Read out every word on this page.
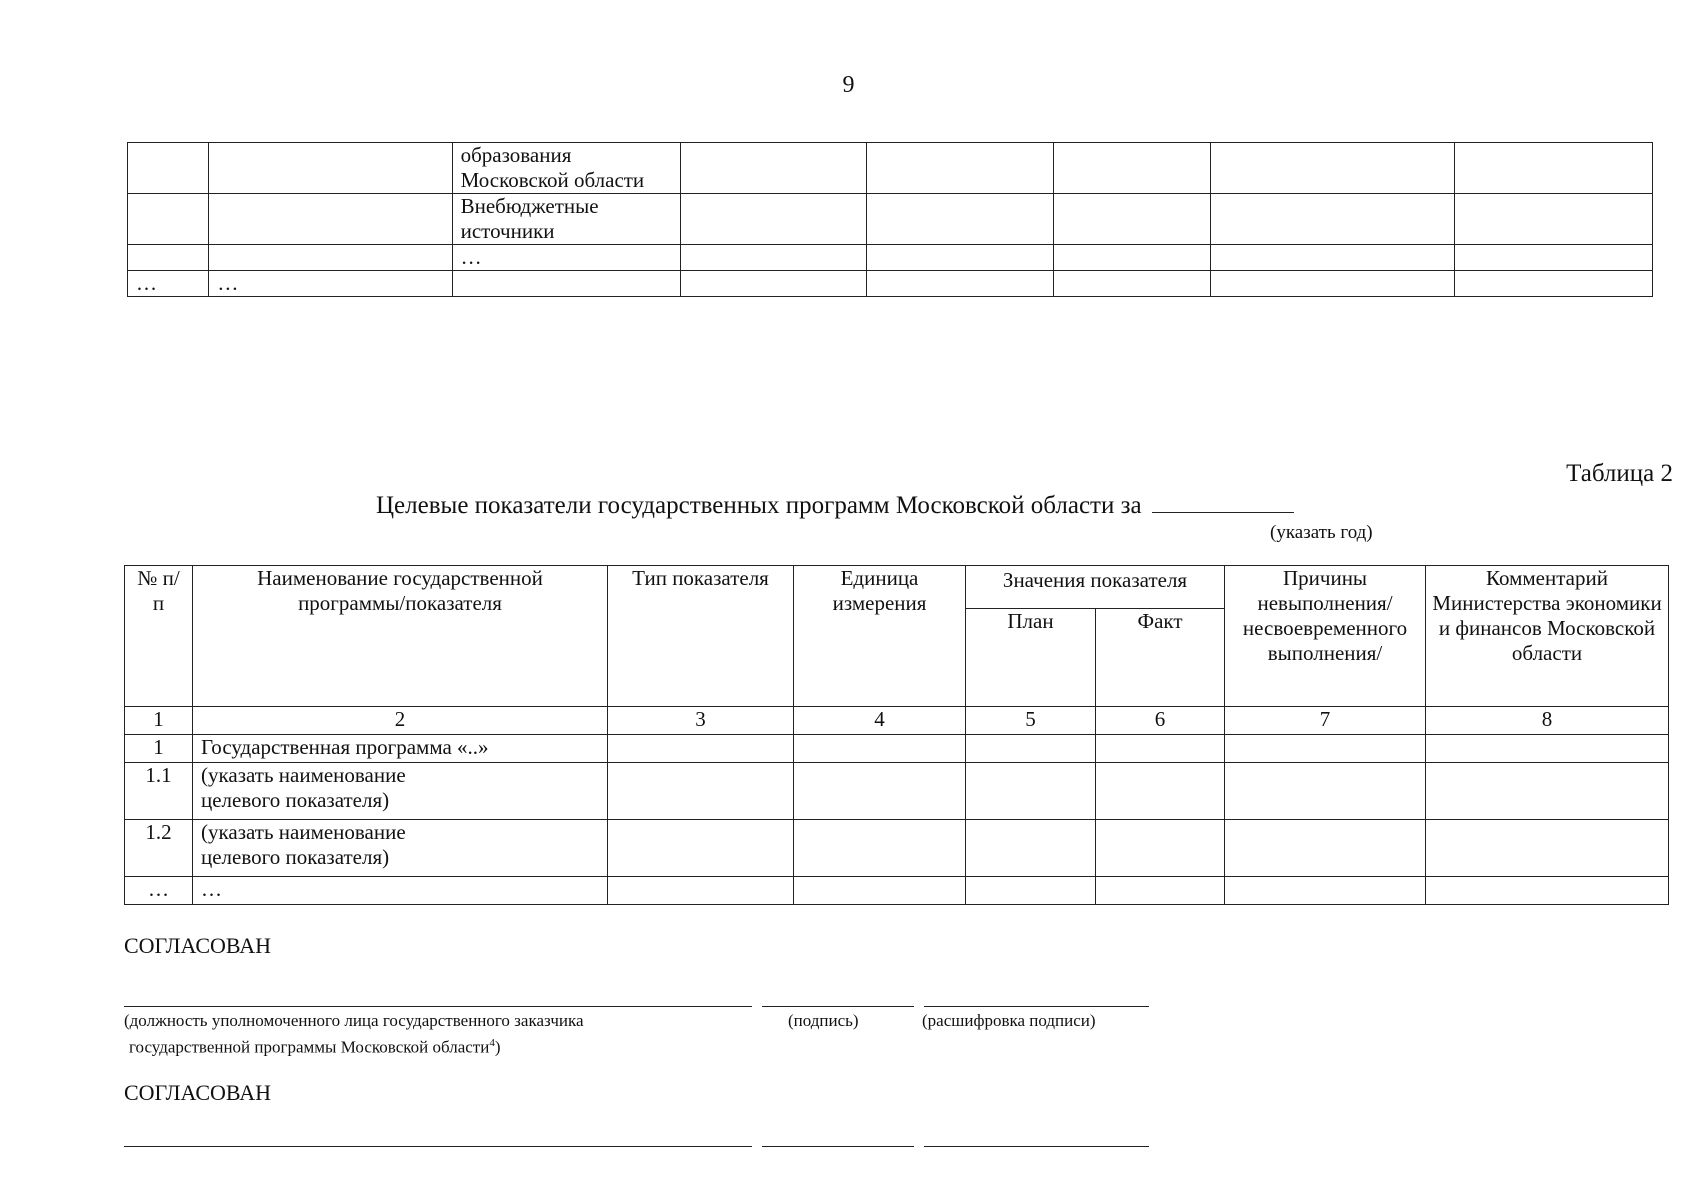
9
		образования Московской области					
		Внебюджетные источники					
		…					
…	…						
Таблица 2
Целевые показатели государственных программ Московской области за
(указать год)
№ п/п	Наименование государственной программы/показателя	Тип показателя	Единица измерения	Значения показателя		Причины невыполнения/ несвоевременного выполнения/	Комментарий Министерства экономики и финансов Московской области
				План	Факт		
1	2	3	4	5	6	7	8
1	Государственная программа «..»						
1.1	(указать наименование целевого показателя)						
1.2	(указать наименование целевого показателя)						
…	…						
СОГЛАСОВАН
(должность уполномоченного лица государственного заказчика
государственной программы Московской области$^4$)
(подпись)	(расшифровка подписи)
СОГЛАСОВАН
